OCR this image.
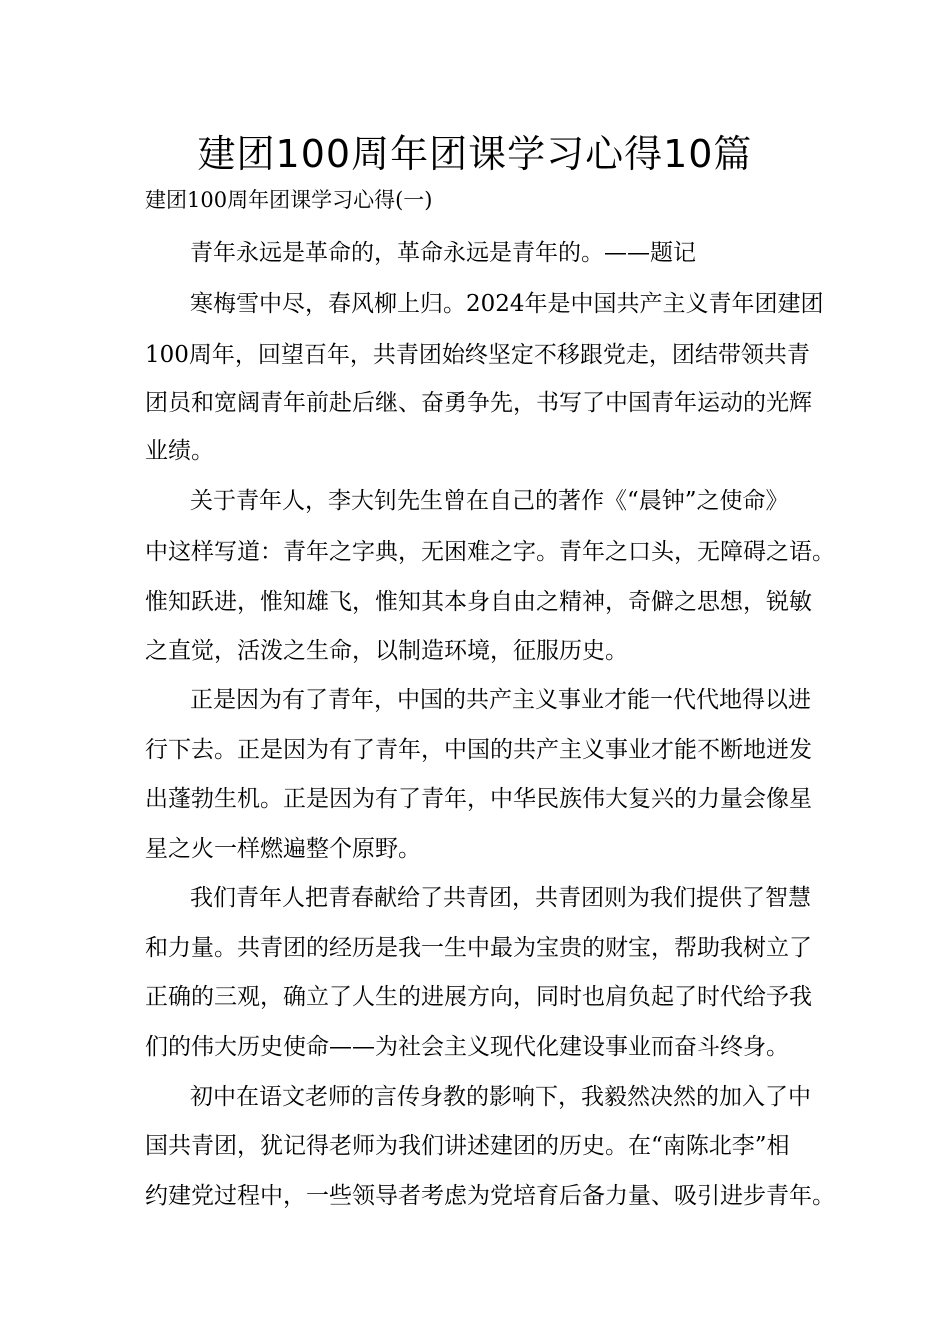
建团100周年团课学习心得10篇

建团100周年团课学习心得(一)

青年永远是革命的，革命永远是青年的。——题记

寒梅雪中尽，春风柳上归。2024年是中国共产主义青年团建团

100周年，回望百年，共青团始终坚定不移跟党走，团结带领共青

团员和宽阔青年前赴后继、奋勇争先，书写了中国青年运动的光辉

业绩。

关于青年人，李大钊先生曾在自己的著作《“晨钟”之使命》

中这样写道：青年之字典，无困难之字。青年之口头，无障碍之语。

惟知跃进，惟知雄飞，惟知其本身自由之精神，奇僻之思想，锐敏

之直觉，活泼之生命，以制造环境，征服历史。

正是因为有了青年，中国的共产主义事业才能一代代地得以进

行下去。正是因为有了青年，中国的共产主义事业才能不断地迸发

出蓬勃生机。正是因为有了青年，中华民族伟大复兴的力量会像星

星之火一样燃遍整个原野。

我们青年人把青春献给了共青团，共青团则为我们提供了智慧

和力量。共青团的经历是我一生中最为宝贵的财宝，帮助我树立了

正确的三观，确立了人生的进展方向，同时也肩负起了时代给予我

们的伟大历史使命——为社会主义现代化建设事业而奋斗终身。

初中在语文老师的言传身教的影响下，我毅然决然的加入了中

国共青团，犹记得老师为我们讲述建团的历史。在“南陈北李”相

约建党过程中，一些领导者考虑为党培育后备力量、吸引进步青年。
